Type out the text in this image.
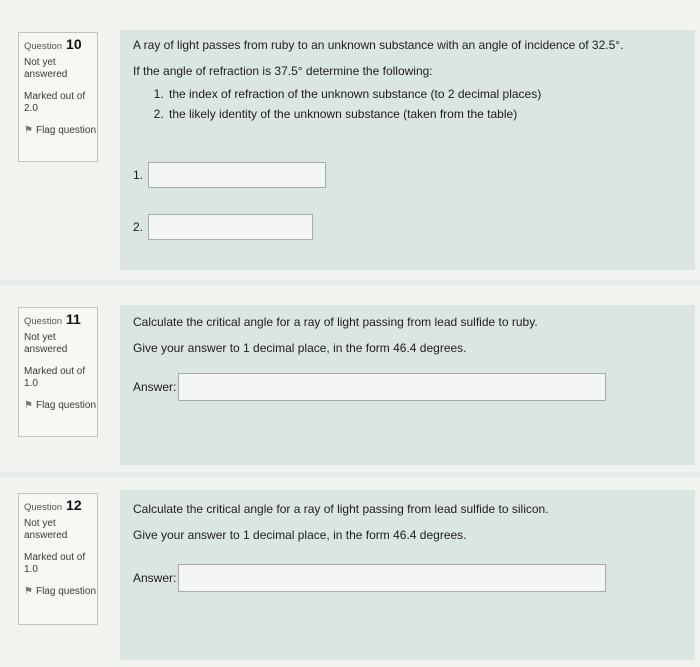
Question 10
Not yet answered
Marked out of 2.0
⚑ Flag question
A ray of light passes from ruby to an unknown substance with an angle of incidence of 32.5°.
If the angle of refraction is 37.5° determine the following:
1. the index of refraction of the unknown substance (to 2 decimal places)
2. the likely identity of the unknown substance (taken from the table)
1.
2.
Question 11
Not yet answered
Marked out of 1.0
⚑ Flag question
Calculate the critical angle for a ray of light passing from lead sulfide to ruby.
Give your answer to 1 decimal place, in the form 46.4 degrees.
Answer:
Question 12
Not yet answered
Marked out of 1.0
⚑ Flag question
Calculate the critical angle for a ray of light passing from lead sulfide to silicon.
Give your answer to 1 decimal place, in the form 46.4 degrees.
Answer:
